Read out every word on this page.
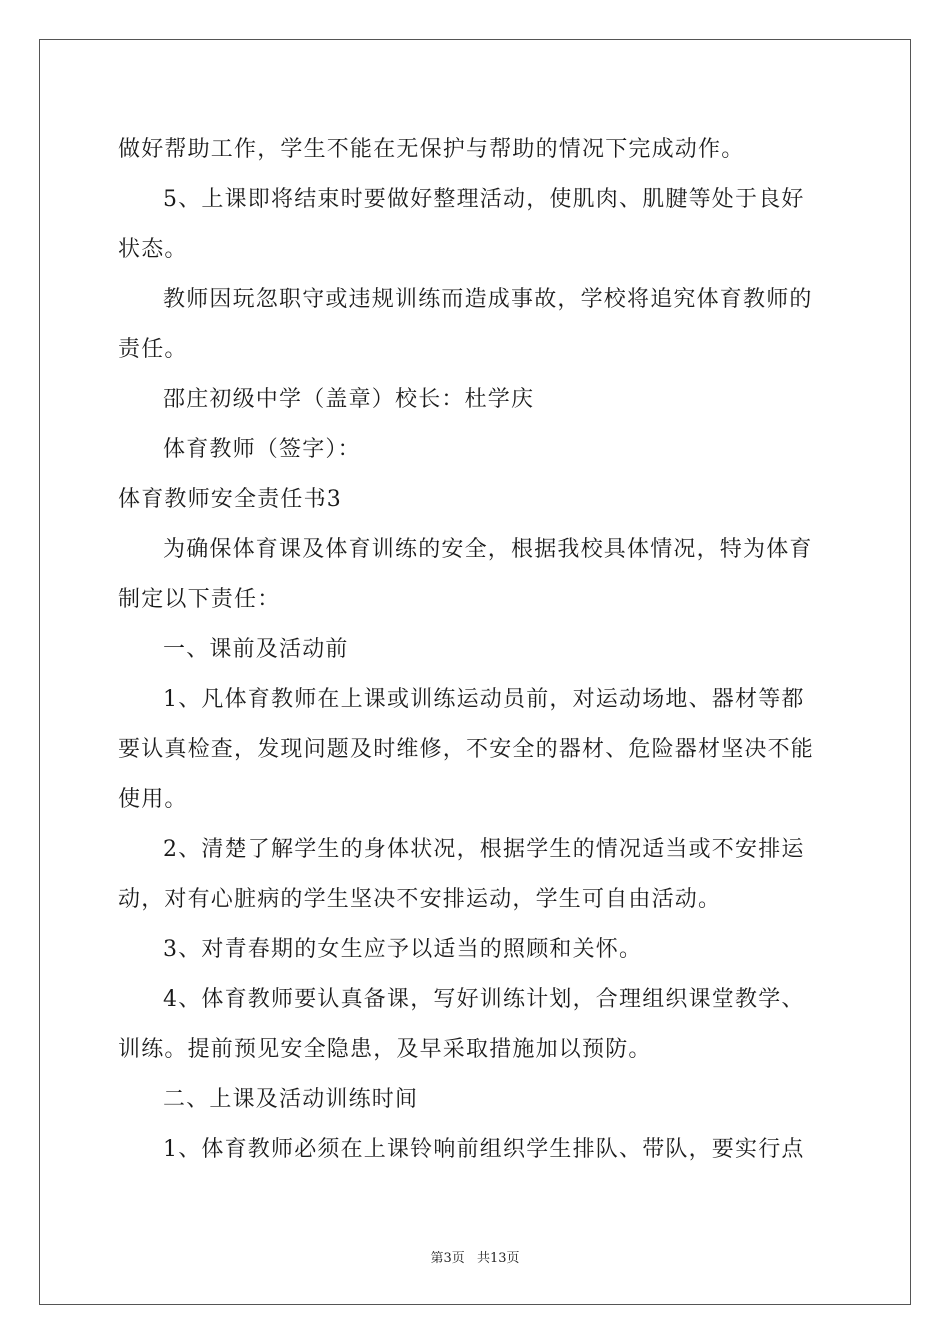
做好帮助工作，学生不能在无保护与帮助的情况下完成动作。
5、上课即将结束时要做好整理活动，使肌肉、肌腱等处于良好
状态。
教师因玩忽职守或违规训练而造成事故，学校将追究体育教师的
责任。
邵庄初级中学（盖章）校长：杜学庆
体育教师（签字）：
体育教师安全责任书3
为确保体育课及体育训练的安全，根据我校具体情况，特为体育
制定以下责任：
一、课前及活动前
1、凡体育教师在上课或训练运动员前，对运动场地、器材等都
要认真检查，发现问题及时维修，不安全的器材、危险器材坚决不能
使用。
2、清楚了解学生的身体状况，根据学生的情况适当或不安排运
动，对有心脏病的学生坚决不安排运动，学生可自由活动。
3、对青春期的女生应予以适当的照顾和关怀。
4、体育教师要认真备课，写好训练计划，合理组织课堂教学、
训练。提前预见安全隐患，及早采取措施加以预防。
二、上课及活动训练时间
1、体育教师必须在上课铃响前组织学生排队、带队，要实行点
第3页 共13页
